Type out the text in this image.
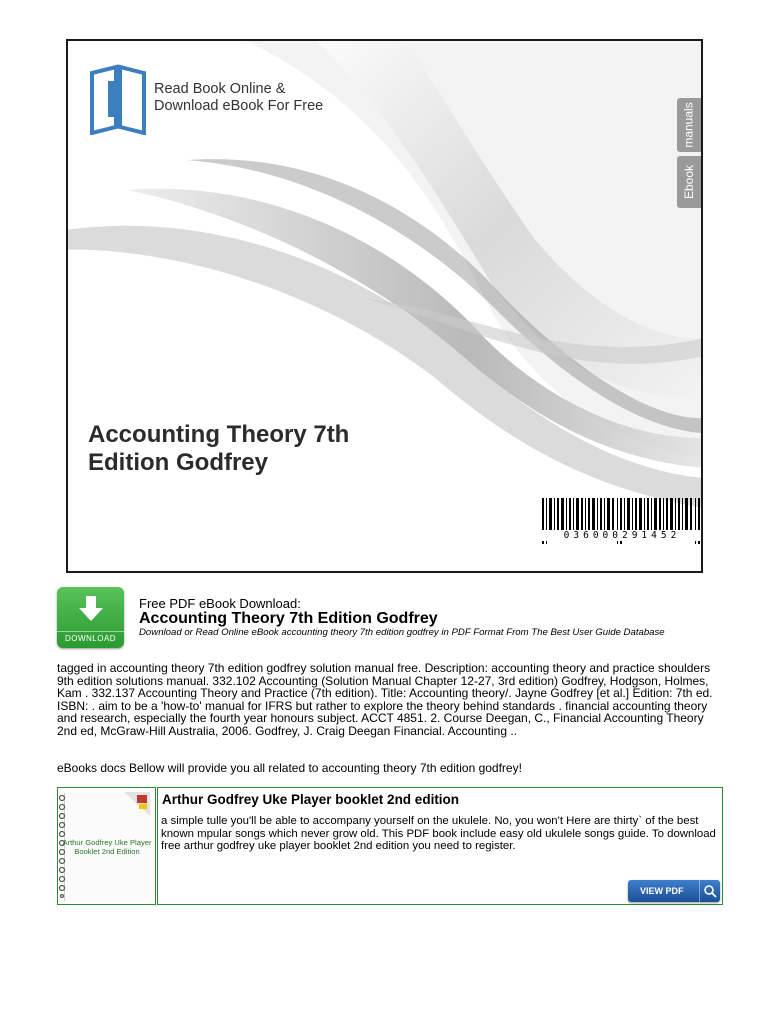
Read Book Online &
Download eBook For Free	manuals
Ebook
Accounting Theory 7th
Edition Godfrey
036000291452
DOWNLOAD
Free PDF eBook Download:
Accounting Theory 7th Edition Godfrey
Download or Read Online eBook accounting theory 7th edition godfrey in PDF Format From The Best User Guide Database
tagged in accounting theory 7th edition godfrey solution manual free. Description: accounting theory and practice shoulders 9th edition solutions manual. 332.102 Accounting (Solution Manual Chapter 12-27, 3rd edition) Godfrey, Hodgson, Holmes, Kam . 332.137 Accounting Theory and Practice (7th edition). Title: Accounting theory/. Jayne Godfrey [et al.] Edition: 7th ed. ISBN: . aim to be a 'how-to' manual for IFRS but rather to explore the theory behind standards . financial accounting theory and research, especially the fourth year honours subject. ACCT 4851. 2. Course Deegan, C., Financial Accounting Theory 2nd ed, McGraw-Hill Australia, 2006. Godfrey, J. Craig Deegan Financial. Accounting ..
eBooks docs Bellow will provide you all related to accounting theory 7th edition godfrey!
Arthur Godfrey Uke Player Booklet 2nd Edition
Arthur Godfrey Uke Player booklet 2nd edition
a simple tulle you'll be able to accompany yourself on the ukulele. No, you won't Here are thirty` of the best known mpular songs which never grow old. This PDF book include easy old ukulele songs guide. To download free arthur godfrey uke player booklet 2nd edition you need to register.
VIEW PDF
